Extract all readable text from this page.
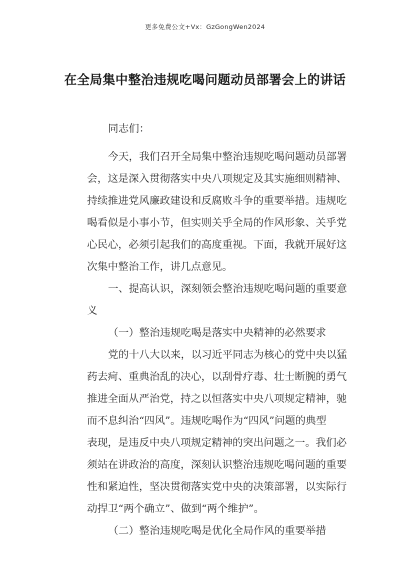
更多免费公文+Vx：GzGongWen2024
在全局集中整治违规吃喝问题动员部署会上的讲话
同志们：
今天，我们召开全局集中整治违规吃喝问题动员部署
会，这是深入贯彻落实中央八项规定及其实施细则精神、
持续推进党风廉政建设和反腐败斗争的重要举措。违规吃
喝看似是小事小节，但实则关乎全局的作风形象、关乎党
心民心，必须引起我们的高度重视。下面，我就开展好这
次集中整治工作，讲几点意见。
一、提高认识，深刻领会整治违规吃喝问题的重要意
义
（一）整治违规吃喝是落实中央精神的必然要求
党的十八大以来，以习近平同志为核心的党中央以猛
药去疴、重典治乱的决心，以刮骨疗毒、壮士断腕的勇气
推进全面从严治党，持之以恒落实中央八项规定精神，驰
而不息纠治“四风”。违规吃喝作为“四风”问题的典型
表现，是违反中央八项规定精神的突出问题之一。我们必
须站在讲政治的高度，深刻认识整治违规吃喝问题的重要
性和紧迫性，坚决贯彻落实党中央的决策部署，以实际行
动捍卫“两个确立”、做到“两个维护”。
（二）整治违规吃喝是优化全局作风的重要举措
